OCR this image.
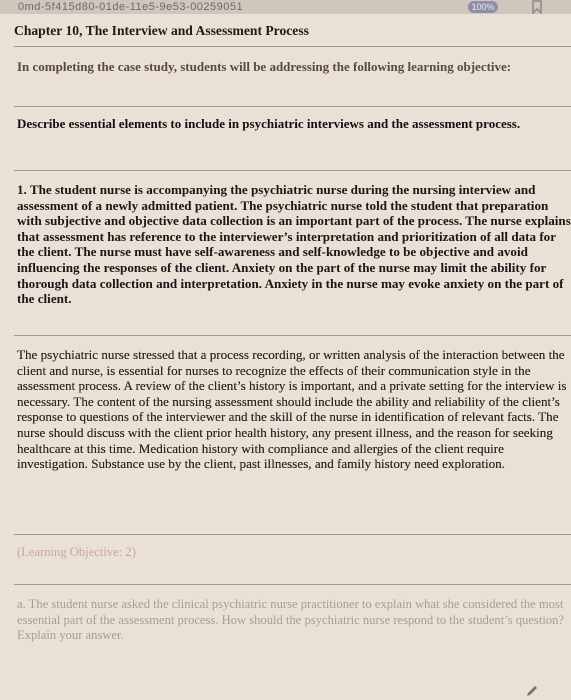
0md-5f415d80-01de-11e5-9e53-00259051	100%
Chapter 10, The Interview and Assessment Process
In completing the case study, students will be addressing the following learning objective:
Describe essential elements to include in psychiatric interviews and the assessment process.
1. The student nurse is accompanying the psychiatric nurse during the nursing interview and assessment of a newly admitted patient. The psychiatric nurse told the student that preparation with subjective and objective data collection is an important part of the process. The nurse explains that assessment has reference to the interviewer’s interpretation and prioritization of all data for the client. The nurse must have self-awareness and self-knowledge to be objective and avoid influencing the responses of the client. Anxiety on the part of the nurse may limit the ability for thorough data collection and interpretation. Anxiety in the nurse may evoke anxiety on the part of the client.
The psychiatric nurse stressed that a process recording, or written analysis of the interaction between the client and nurse, is essential for nurses to recognize the effects of their communication style in the assessment process. A review of the client’s history is important, and a private setting for the interview is necessary. The content of the nursing assessment should include the ability and reliability of the client’s response to questions of the interviewer and the skill of the nurse in identification of relevant facts. The nurse should discuss with the client prior health history, any present illness, and the reason for seeking healthcare at this time. Medication history with compliance and allergies of the client require investigation. Substance use by the client, past illnesses, and family history need exploration.
(Learning Objective: 2)
a. The student nurse asked the clinical psychiatric nurse practitioner to explain what she considered the most essential part of the assessment process. How should the psychiatric nurse respond to the student’s question? Explain your answer.
